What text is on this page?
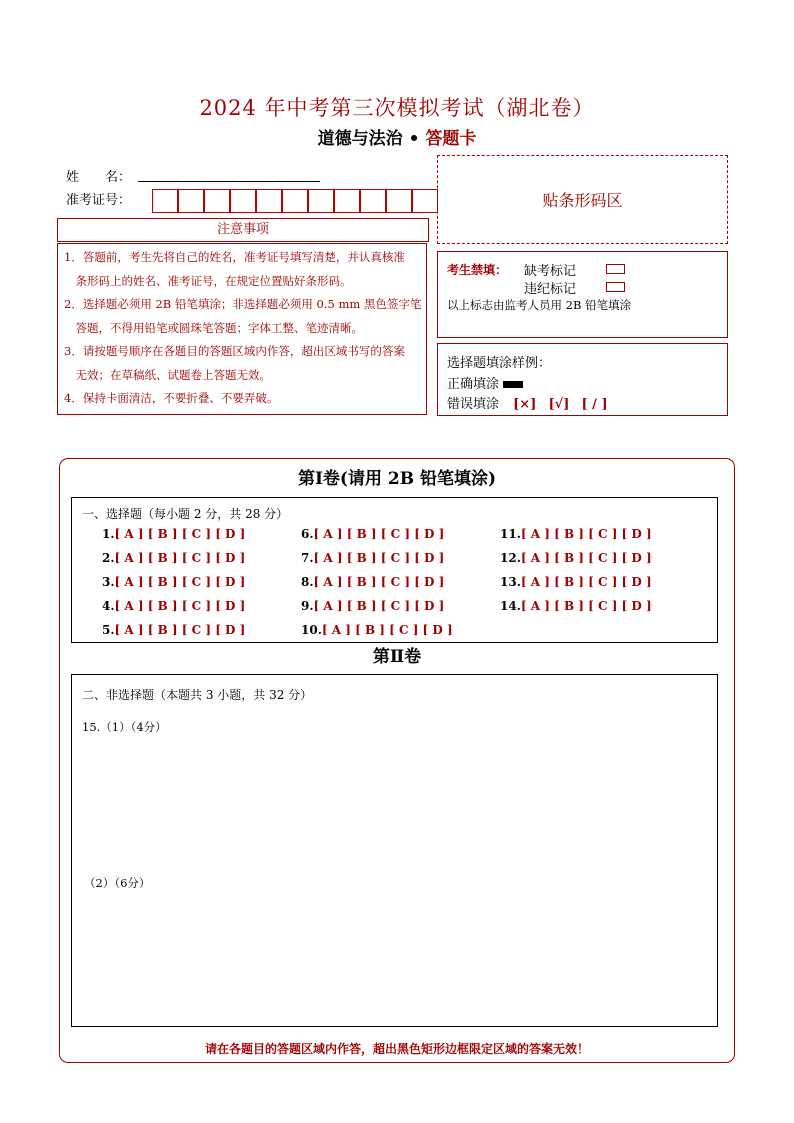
2024 年中考第三次模拟考试（湖北卷）
道德与法治 • 答题卡
姓　　名：
准考证号：
注意事项

1．答题前，考生先将自己的姓名，准考证号填写清楚，并认真核准

　条形码上的姓名、准考证号，在规定位置贴好条形码。

2．选择题必须用 2B 铅笔填涂；非选择题必须用 0.5 mm 黑色签字笔

　答题，不得用铅笔或圆珠笔答题；字体工整、笔迹清晰。

3．请按题号顺序在各题目的答题区域内作答，超出区域书写的答案

　无效；在草稿纸、试题卷上答题无效。

4．保持卡面清洁，不要折叠、不要弄破。

贴条形码区
考生禁填： 缺考标记
违纪标记
以上标志由监考人员用 2B 铅笔填涂
选择题填涂样例：
正确填涂
错误填涂 [×] [√] [ / ]
第Ⅰ卷(请用 2B 铅笔填涂)
一、选择题（每小题 2 分，共 28 分）
1.[ A ] [ B ] [ C ] [ D ]
2.[ A ] [ B ] [ C ] [ D ]
3.[ A ] [ B ] [ C ] [ D ]
4.[ A ] [ B ] [ C ] [ D ]
5.[ A ] [ B ] [ C ] [ D ]
6.[ A ] [ B ] [ C ] [ D ]
7.[ A ] [ B ] [ C ] [ D ]
8.[ A ] [ B ] [ C ] [ D ]
9.[ A ] [ B ] [ C ] [ D ]
10.[ A ] [ B ] [ C ] [ D ]
11.[ A ] [ B ] [ C ] [ D ]
12.[ A ] [ B ] [ C ] [ D ]
13.[ A ] [ B ] [ C ] [ D ]
14.[ A ] [ B ] [ C ] [ D ]
第Ⅱ卷
二、非选择题（本题共 3 小题，共 32 分）
15.（1）（4分）
（2）（6分）
请在各题目的答题区域内作答，超出黑色矩形边框限定区域的答案无效！
